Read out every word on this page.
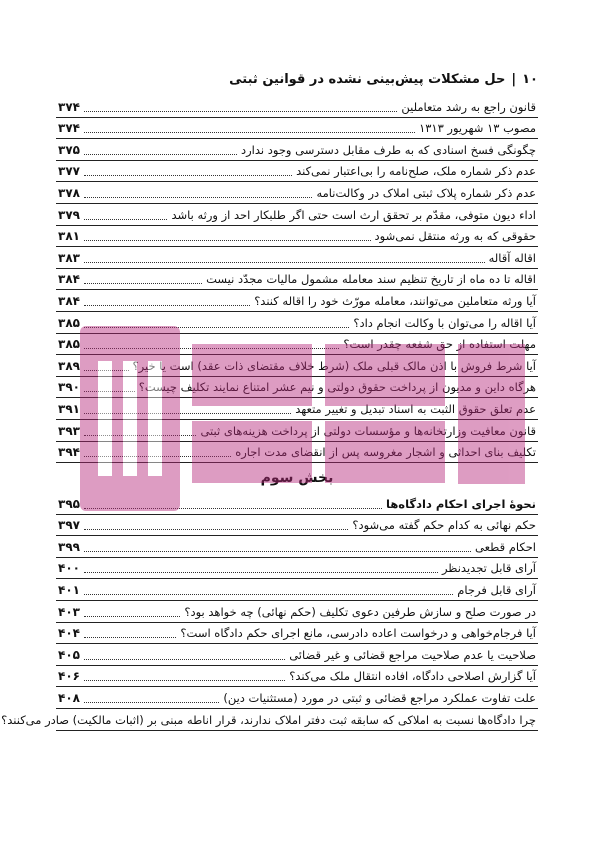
۱۰
|
حل مشکلات پیش‌بینی نشده در قوانین ثبتی
قانون راجع به رشد متعاملین
۳۷۴
مصوب ۱۳ شهریور ۱۳۱۳
۳۷۴
چگونگی فسخ اسنادی که به طرف مقابل دسترسی وجود ندارد
۳۷۵
عدم ذکر شماره ملک، صلح‌نامه را بی‌اعتبار نمی‌کند
۳۷۷
عدم ذکر شماره پلاک ثبتی املاک در وکالت‌نامه
۳۷۸
اداء دیون متوفی، مقدّم بر تحقق ارث است حتی اگر طلبکار احد از ورثه باشد
۳۷۹
حقوقی که به ورثه منتقل نمی‌شود
۳۸۱
اقاله آقاله
۳۸۳
اقاله تا ده ماه از تاریخ تنظیم سند معامله مشمول مالیات مجدّد نیست
۳۸۴
آیا ورثه متعاملین می‌توانند، معامله مورّث خود را اقاله کنند؟
۳۸۴
آیا اقاله را می‌توان با وکالت انجام داد؟
۳۸۵
مهلت استفاده از حق شفعه چقدر است؟
۳۸۵
آیا شرط فروش با اذن مالک قبلی ملک (شرط خلاف مقتضای ذات عقد) است یا خیر؟
۳۸۹
هرگاه داین و مدیون از پرداخت حقوق دولتی و نیم عشر امتناع نمایند تکلیف چیست؟
۳۹۰
عدم تعلق حقوق الثبت به اسناد تبدیل و تغییر متعهد
۳۹۱
قانون معافیت وزارتخانه‌ها و مؤسسات دولتی از پرداخت هزینه‌های ثبتی
۳۹۳
تکلیف بنای احداثی و اشجار مغروسه پس از انقضای مدت اجاره
۳۹۴
بخش سوم
نحوهٔ اجرای احکام دادگاه‌ها
۳۹۵
حکم نهائی به کدام حکم گفته می‌شود؟
۳۹۷
احکام قطعی
۳۹۹
آرای قابل تجدیدنظر
۴۰۰
آرای قابل فرجام
۴۰۱
در صورت صلح و سازش طرفین دعوی تکلیف (حکم نهائی) چه خواهد بود؟
۴۰۳
آیا فرجام‌خواهی و درخواست اعاده دادرسی، مانع اجرای حکم دادگاه است؟
۴۰۴
صلاحیت یا عدم صلاحیت مراجع قضائی و غیر قضائی
۴۰۵
آیا گزارش اصلاحی دادگاه، افاده انتقال ملک می‌کند؟
۴۰۶
علت تفاوت عملکرد مراجع قضائی و ثبتی در مورد (مستثنیات دین)
۴۰۸
چرا دادگاه‌ها نسبت به املاکی که سابقه ثبت دفتر املاک ندارند، قرار اناطه مبنی بر (اثبات مالکیت) صادر می‌کنند؟
